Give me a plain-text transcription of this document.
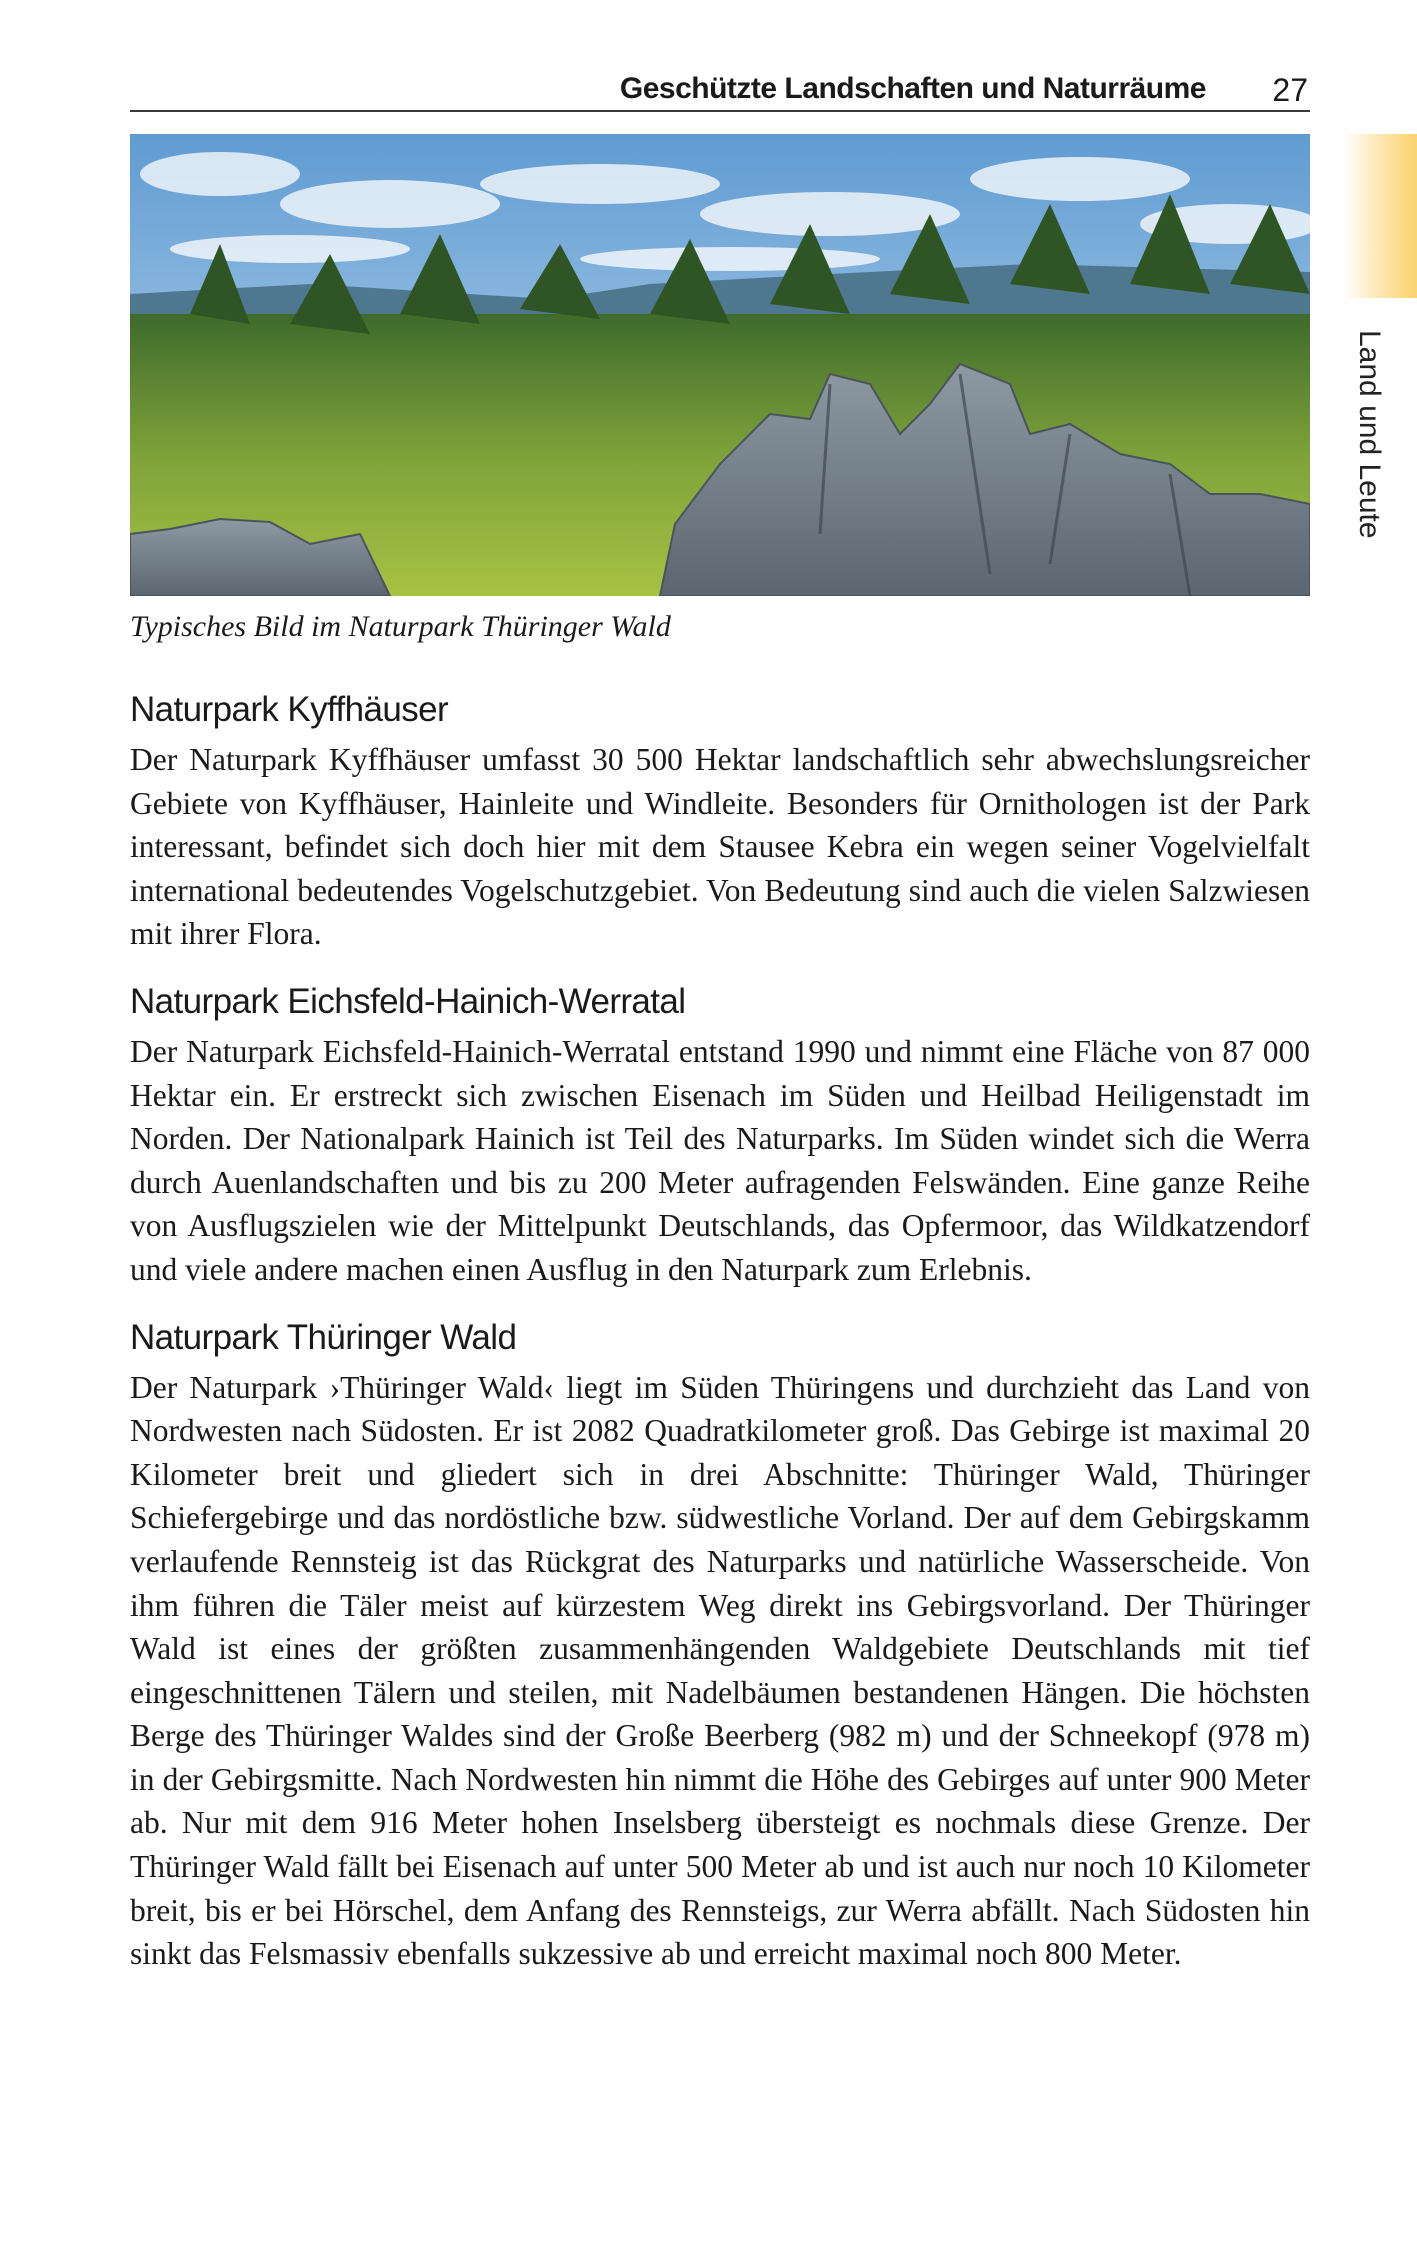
Geschützte Landschaften und Naturräume 27
Land und Leute
Typisches Bild im Naturpark Thüringer Wald
Naturpark Kyffhäuser

Der Naturpark Kyffhäuser umfasst 30 500 Hektar landschaftlich sehr abwechslungsreicher Gebiete von Kyffhäuser, Hainleite und Windleite. Besonders für Ornithologen ist der Park interessant, befindet sich doch hier mit dem Stausee Kebra ein wegen seiner Vogelvielfalt international bedeutendes Vogelschutzgebiet. Von Bedeutung sind auch die vielen Salzwiesen mit ihrer Flora.

Naturpark Eichsfeld-Hainich-Werratal

Der Naturpark Eichsfeld-Hainich-Werratal entstand 1990 und nimmt eine Fläche von 87 000 Hektar ein. Er erstreckt sich zwischen Eisenach im Süden und Heilbad Heiligenstadt im Norden. Der Nationalpark Hainich ist Teil des Naturparks. Im Süden windet sich die Werra durch Auenlandschaften und bis zu 200 Meter aufragenden Felswänden. Eine ganze Reihe von Ausflugszielen wie der Mittelpunkt Deutschlands, das Opfermoor, das Wildkatzendorf und viele andere machen einen Ausflug in den Naturpark zum Erlebnis.

Naturpark Thüringer Wald

Der Naturpark ›Thüringer Wald‹ liegt im Süden Thüringens und durchzieht das Land von Nordwesten nach Südosten. Er ist 2082 Quadratkilometer groß. Das Gebirge ist maximal 20 Kilometer breit und gliedert sich in drei Abschnitte: Thüringer Wald, Thüringer Schiefergebirge und das nordöstliche bzw. südwestliche Vorland. Der auf dem Gebirgskamm verlaufende Rennsteig ist das Rückgrat des Naturparks und natürliche Wasserscheide. Von ihm führen die Täler meist auf kürzestem Weg direkt ins Gebirgsvorland. Der Thüringer Wald ist eines der größten zusammenhängenden Waldgebiete Deutschlands mit tief eingeschnittenen Tälern und steilen, mit Nadelbäumen bestandenen Hängen. Die höchsten Berge des Thüringer Waldes sind der Große Beerberg (982 m) und der Schneekopf (978 m) in der Gebirgsmitte. Nach Nordwesten hin nimmt die Höhe des Gebirges auf unter 900 Meter ab. Nur mit dem 916 Meter hohen Inselsberg übersteigt es nochmals diese Grenze. Der Thüringer Wald fällt bei Eisenach auf unter 500 Meter ab und ist auch nur noch 10 Kilometer breit, bis er bei Hörschel, dem Anfang des Rennsteigs, zur Werra abfällt. Nach Südosten hin sinkt das Felsmassiv ebenfalls sukzessive ab und erreicht maximal noch 800 Meter.
